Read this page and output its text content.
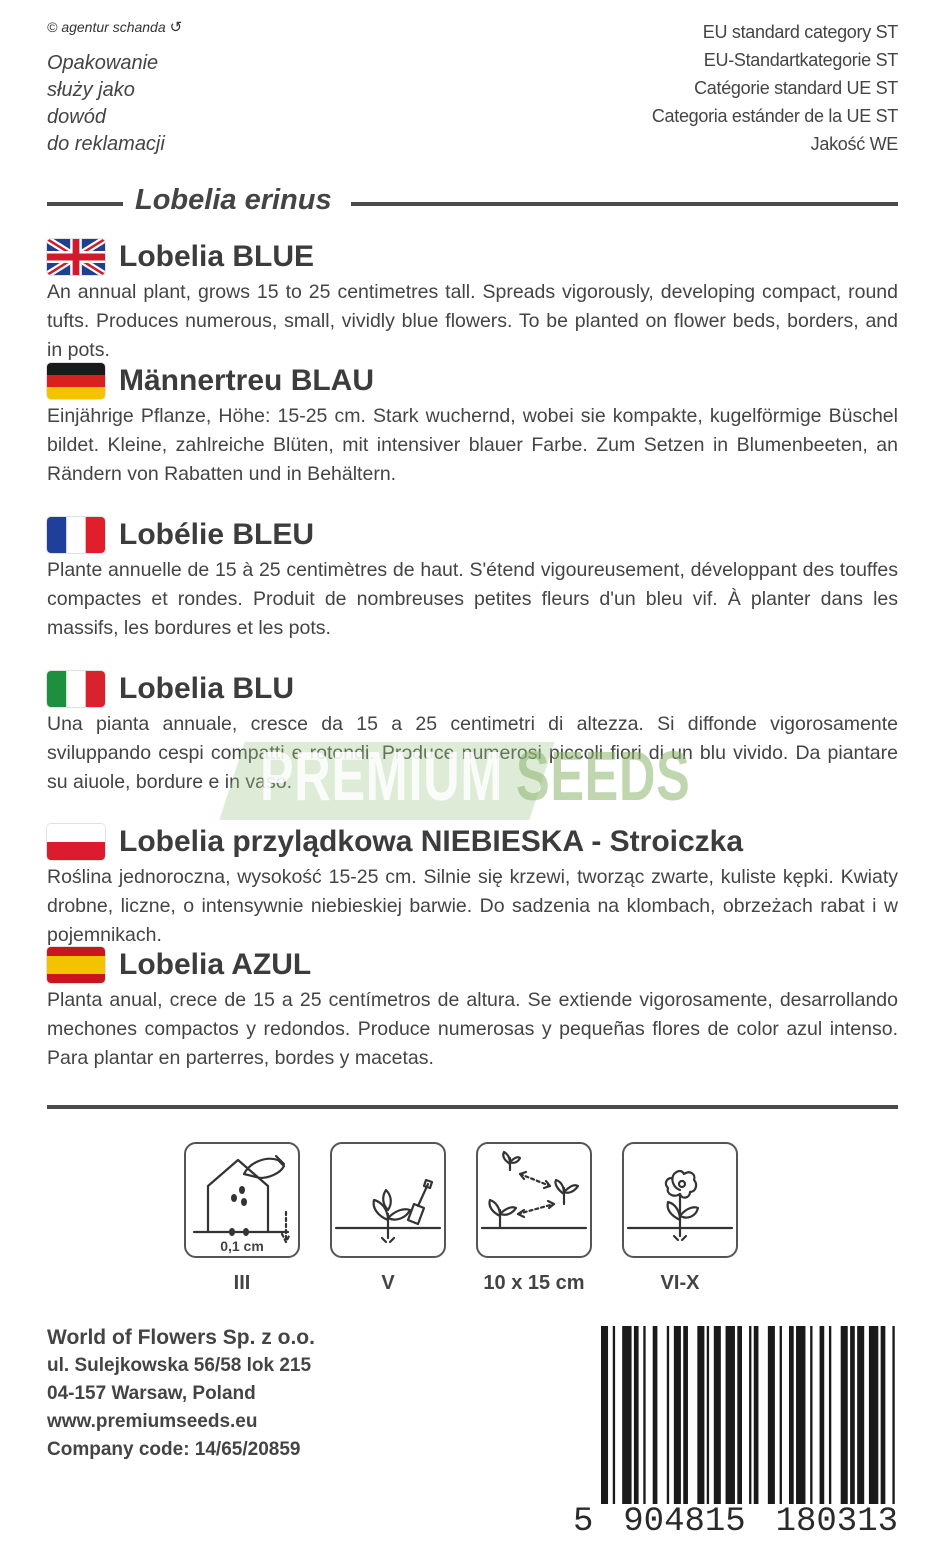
© agentur schanda ↺
Opakowanie
służy jako
dowód
do reklamacji
EU standard category ST
EU-Standartkategorie ST
Catégorie standard UE ST
Categoria estánder de la UE ST
Jakość WE
Lobelia erinus
Lobelia BLUE
An annual plant, grows 15 to 25 centimetres tall. Spreads vigorously, developing compact, round tufts. Produces numerous, small, vividly blue flowers. To be planted on flower beds, borders, and in pots.
Männertreu BLAU
Einjährige Pflanze, Höhe: 15-25 cm. Stark wuchernd, wobei sie kompakte, kugelförmige Büschel bildet. Kleine, zahlreiche Blüten, mit intensiver blauer Farbe. Zum Setzen in Blumenbeeten, an Rändern von Rabatten und in Behältern.
Lobélie BLEU
Plante annuelle de 15 à 25 centimètres de haut. S'étend vigoureusement, développant des touffes compactes et rondes. Produit de nombreuses petites fleurs d'un bleu vif. À planter dans les massifs, les bordures et les pots.
Lobelia BLU
Una pianta annuale, cresce da 15 a 25 centimetri di altezza. Si diffonde vigorosamente sviluppando cespi compatti e rotondi. Produce numerosi piccoli fiori di un blu vivido. Da piantare su aiuole, bordure e in vaso.
Lobelia przylądkowa NIEBIESKA - Stroiczka
Roślina jednoroczna, wysokość 15-25 cm. Silnie się krzewi, tworząc zwarte, kuliste kępki. Kwiaty drobne, liczne, o intensywnie niebieskiej barwie. Do sadzenia na klombach, obrzeżach rabat i w pojemnikach.
Lobelia AZUL
Planta anual, crece de 15 a 25 centímetros de altura. Se extiende vigorosamente, desarrollando mechones compactos y redondos. Produce numerosas y pequeñas flores de color azul intenso. Para plantar en parterres, bordes y macetas.
PREMIUM SEEDS
0,1 cm
III	V	10 x 15 cm	VI-X
World of Flowers Sp. z o.o.
ul. Sulejkowska 56/58 lok 215
04-157 Warsaw, Poland
www.premiumseeds.eu
Company code: 14/65/20859
5 904815 180313
